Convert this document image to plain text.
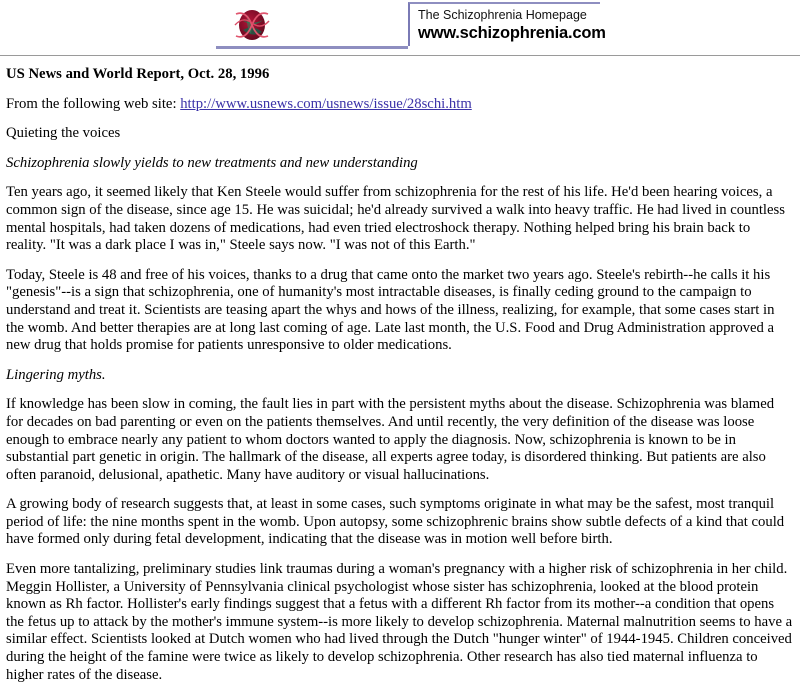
The Schizophrenia Homepage
www.schizophrenia.com

US News and World Report, Oct. 28, 1996

From the following web site: http://www.usnews.com/usnews/issue/28schi.htm

Quieting the voices

Schizophrenia slowly yields to new treatments and new understanding

Ten years ago, it seemed likely that Ken Steele would suffer from schizophrenia for the rest of his life. He'd been hearing voices, a common sign of the disease, since age 15. He was suicidal; he'd already survived a walk into heavy traffic. He had lived in countless mental hospitals, had taken dozens of medications, had even tried electroshock therapy. Nothing helped bring his brain back to reality. "It was a dark place I was in," Steele says now. "I was not of this Earth."

Today, Steele is 48 and free of his voices, thanks to a drug that came onto the market two years ago. Steele's rebirth--he calls it his "genesis"--is a sign that schizophrenia, one of humanity's most intractable diseases, is finally ceding ground to the campaign to understand and treat it. Scientists are teasing apart the whys and hows of the illness, realizing, for example, that some cases start in the womb. And better therapies are at long last coming of age. Late last month, the U.S. Food and Drug Administration approved a new drug that holds promise for patients unresponsive to older medications.

Lingering myths.

If knowledge has been slow in coming, the fault lies in part with the persistent myths about the disease. Schizophrenia was blamed for decades on bad parenting or even on the patients themselves. And until recently, the very definition of the disease was loose enough to embrace nearly any patient to whom doctors wanted to apply the diagnosis. Now, schizophrenia is known to be in substantial part genetic in origin. The hallmark of the disease, all experts agree today, is disordered thinking. But patients are also often paranoid, delusional, apathetic. Many have auditory or visual hallucinations.

A growing body of research suggests that, at least in some cases, such symptoms originate in what may be the safest, most tranquil period of life: the nine months spent in the womb. Upon autopsy, some schizophrenic brains show subtle defects of a kind that could have formed only during fetal development, indicating that the disease was in motion well before birth.

Even more tantalizing, preliminary studies link traumas during a woman's pregnancy with a higher risk of schizophrenia in her child. Meggin Hollister, a University of Pennsylvania clinical psychologist whose sister has schizophrenia, looked at the blood protein known as Rh factor. Hollister's early findings suggest that a fetus with a different Rh factor from its mother--a condition that opens the fetus up to attack by the mother's immune system--is more likely to develop schizophrenia. Maternal malnutrition seems to have a similar effect. Scientists looked at Dutch women who had lived through the Dutch "hunger winter" of 1944-1945. Children conceived during the height of the famine were twice as likely to develop schizophrenia. Other research has also tied maternal influenza to higher rates of the disease.
